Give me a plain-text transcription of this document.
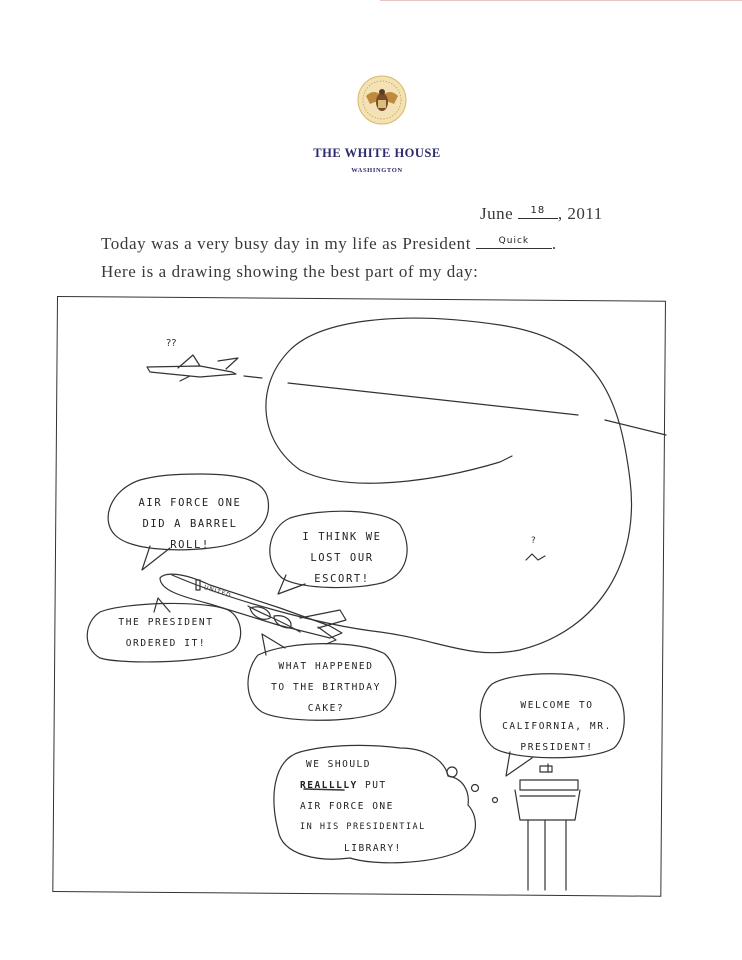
THE WHITE HOUSE
WASHINGTON
June	18 , 2011
Today was a very busy day in my life as President	Quick	.
Here is a drawing showing the best part of my day:
??
?
UNITED
AIR FORCE ONE
DID A BARREL
ROLL!
I THINK WE
LOST OUR
ESCORT!
THE PRESIDENT
ORDERED IT!
WHAT HAPPENED
TO THE BIRTHDAY
CAKE?	WELCOME TO
CALIFORNIA, MR.
PRESIDENT!
WE SHOULD
REALLLLY PUT
AIR FORCE ONE
IN HIS PRESIDENTIAL
LIBRARY!
